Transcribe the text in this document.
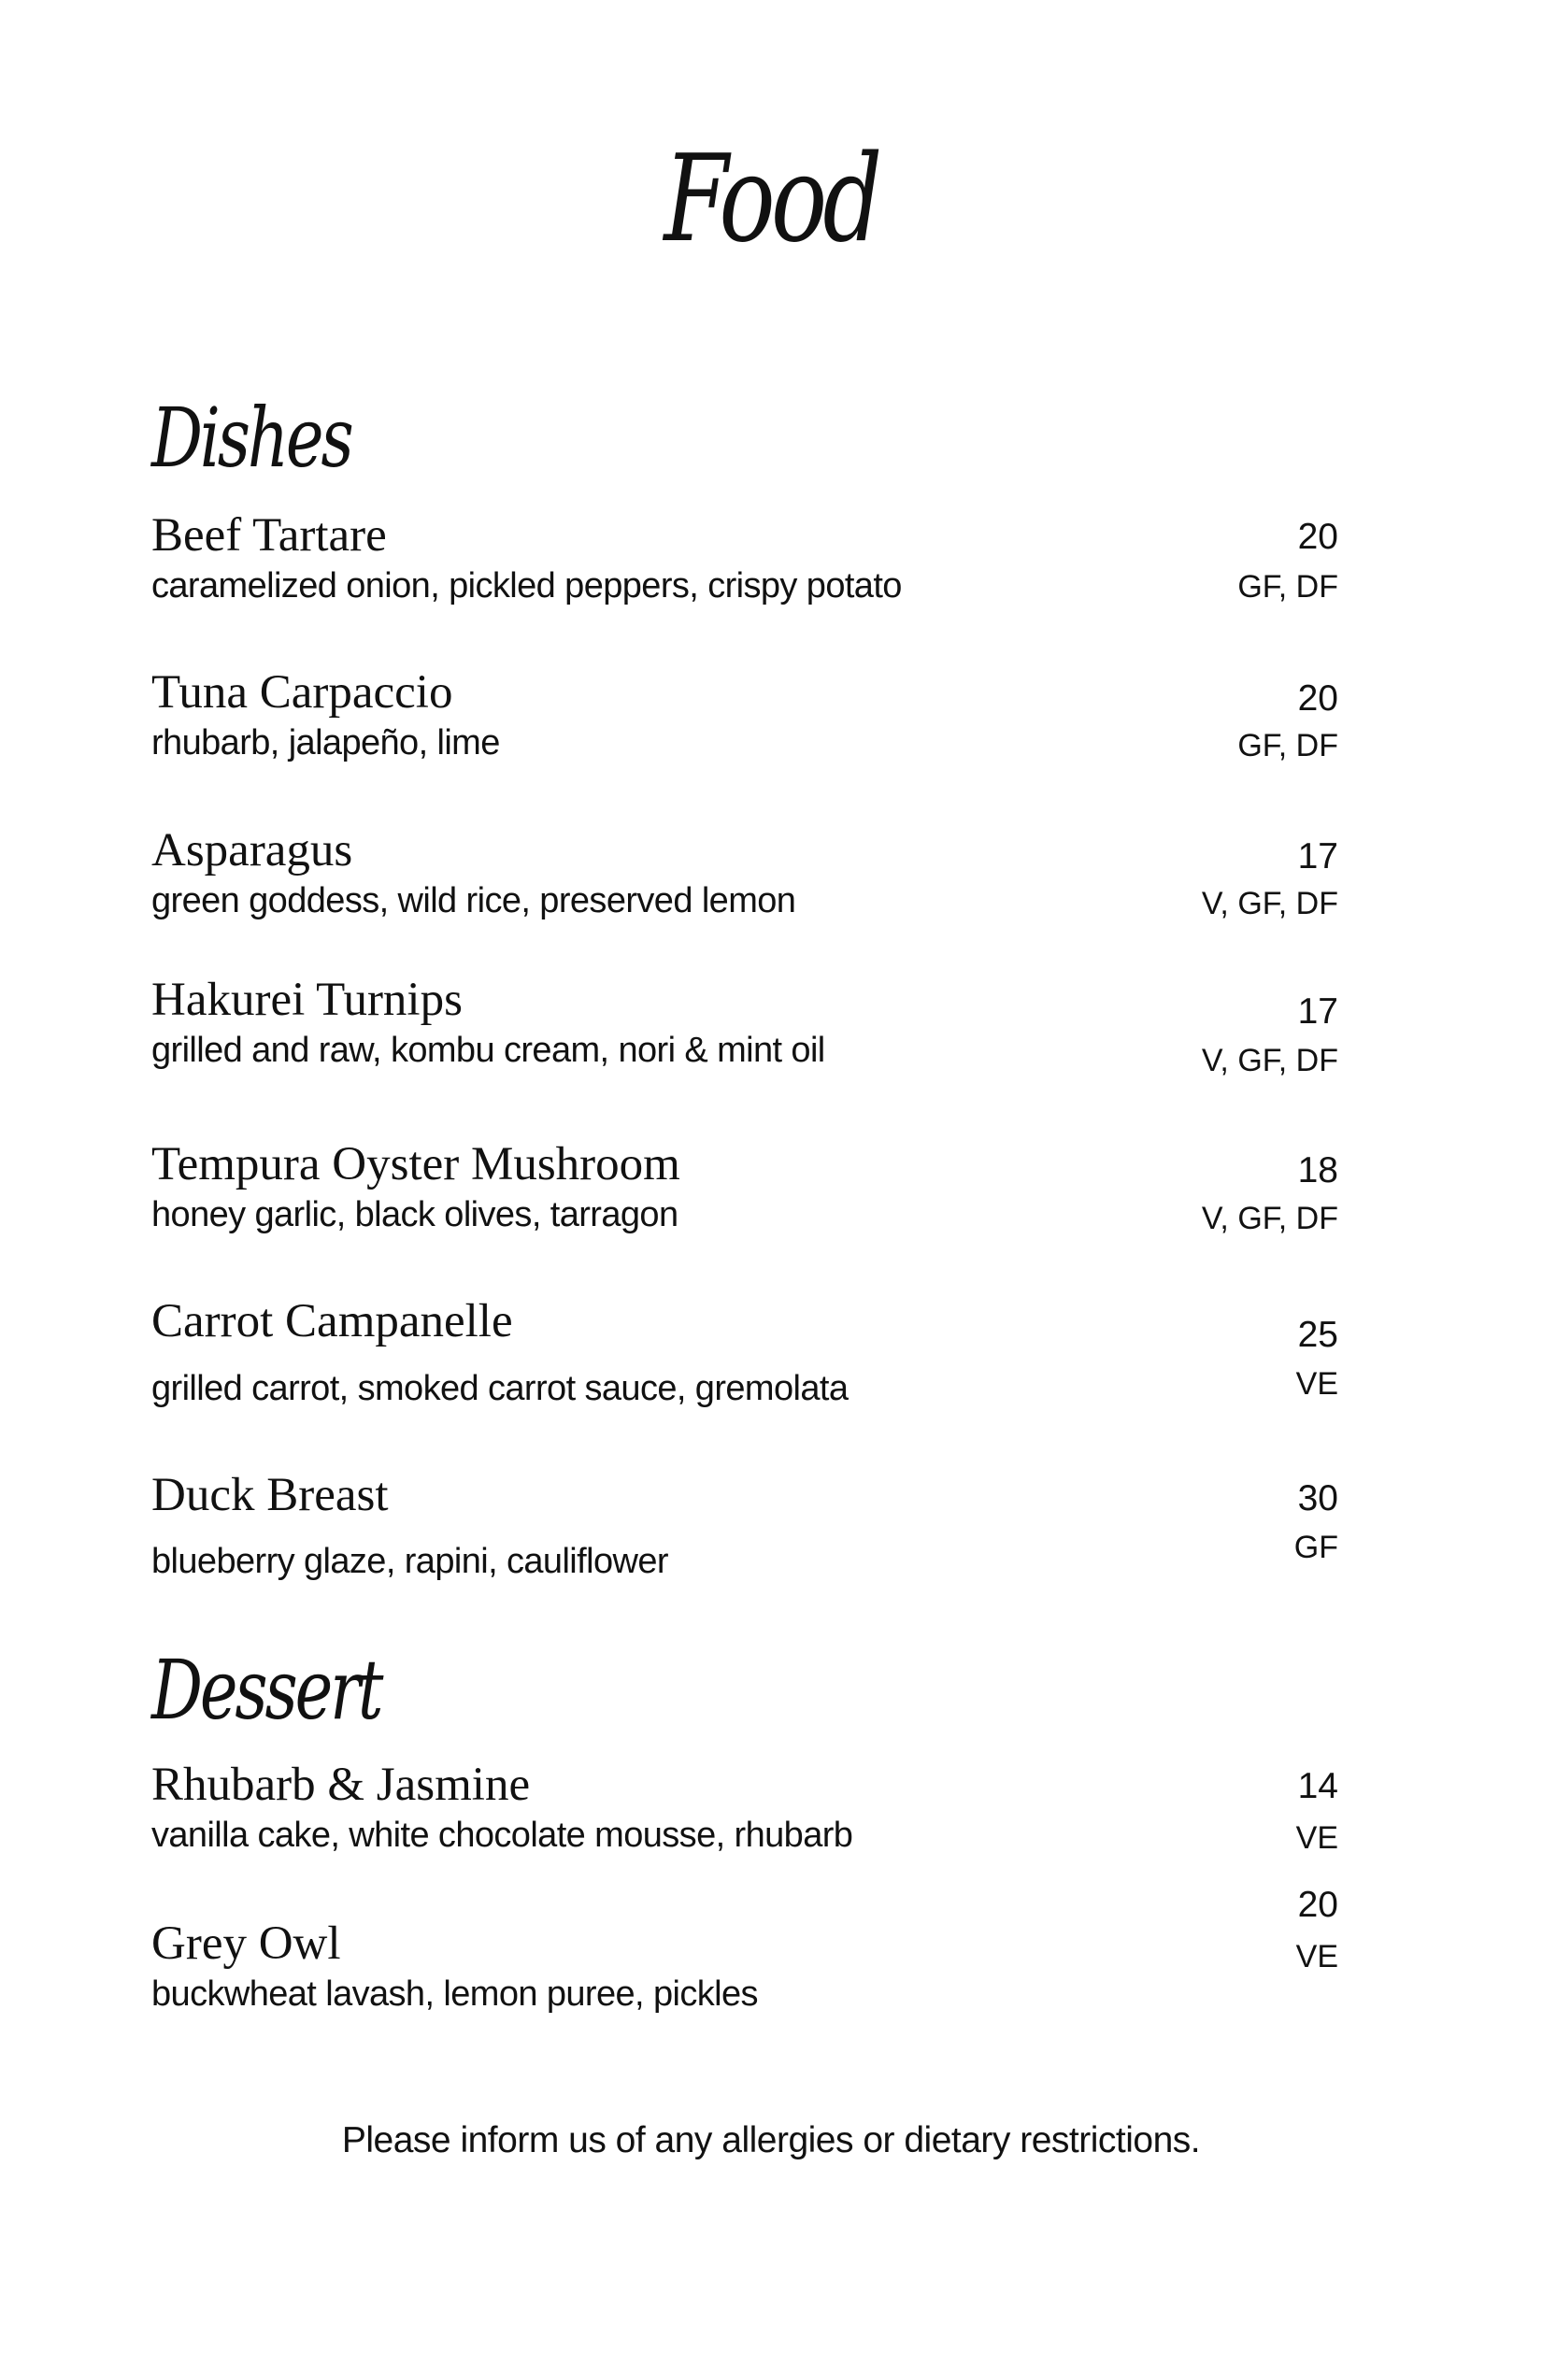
Food
Dishes
Beef Tartare
caramelized onion, pickled peppers, crispy potato
20
GF, DF
Tuna Carpaccio
rhubarb, jalapeño, lime
20
GF, DF
Asparagus
green goddess, wild rice, preserved lemon
17
V, GF, DF
Hakurei Turnips
grilled and raw, kombu cream, nori & mint oil
17
V, GF, DF
Tempura Oyster Mushroom
honey garlic, black olives, tarragon
18
V, GF, DF
Carrot Campanelle
grilled carrot, smoked carrot sauce, gremolata
25
VE
Duck Breast
blueberry glaze, rapini, cauliflower
30
GF
Dessert
Rhubarb & Jasmine
vanilla cake, white chocolate mousse, rhubarb
14
VE
Grey Owl
buckwheat lavash, lemon puree, pickles
20
VE
Please inform us of any allergies or dietary restrictions.
